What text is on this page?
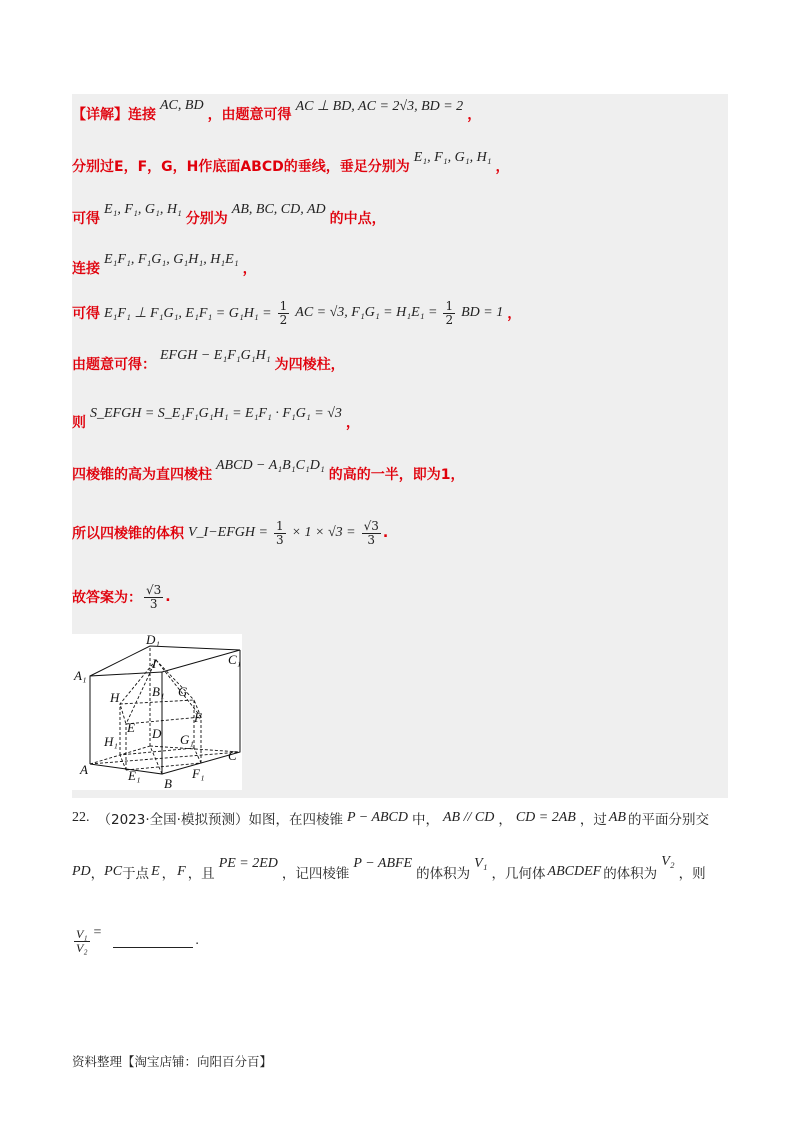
【详解】连接
AC, BD
，由题意可得
AC ⊥ BD, AC = 2√3, BD = 2
，
分别过E，F，G，H作底面ABCD的垂线，垂足分别为
E₁, F₁, G₁, H₁
，
可得
E₁, F₁, G₁, H₁
分别为
AB, BC, CD, AD
的中点，
连接
E₁F₁, F₁G₁, G₁H₁, H₁E₁
，
可得 E₁F₁ ⊥ F₁G₁, $E_1F_1 = G_1H_1 = \frac{1}{2}$ AC = √3, $F_1G_1 = H_1E_1 = \frac{1}{2}$ BD = 1 ，
由题意可得：
EFGH − E₁F₁G₁H₁
为四棱柱，
则
S_EFGH = S_E₁F₁G₁H₁ = E₁F₁ · F₁G₁ = √3
，
四棱锥的高为直四棱柱
ABCD − A₁B₁C₁D₁
的高的一半，即为1，
所以四棱锥的体积 V_I−EFGH = $\frac{1}{3} \times 1 \times √3 = \frac{√3}{3}$ .
故答案为： $\frac{√3}{3}$ .
D₁
C₁
A₁
I
H	B₁ G
F
E D
H₁	G₁
C
A	E₁	F₁
B
22. （2023·全国·模拟预测）如图，在四棱锥 P − ABCD 中， AB // CD ， CD = 2AB ，过 AB 的平面分别交
PD ， PC 于点 E ， F ，且
PE = 2ED
，记四棱锥
P − ABFE
的体积为
V₁
，几何体 ABCDEF 的体积为
V₂
，则
$\frac{\text{V₁}}{\text{V₂}}$ =
.
资料整理【淘宝店铺：向阳百分百】
